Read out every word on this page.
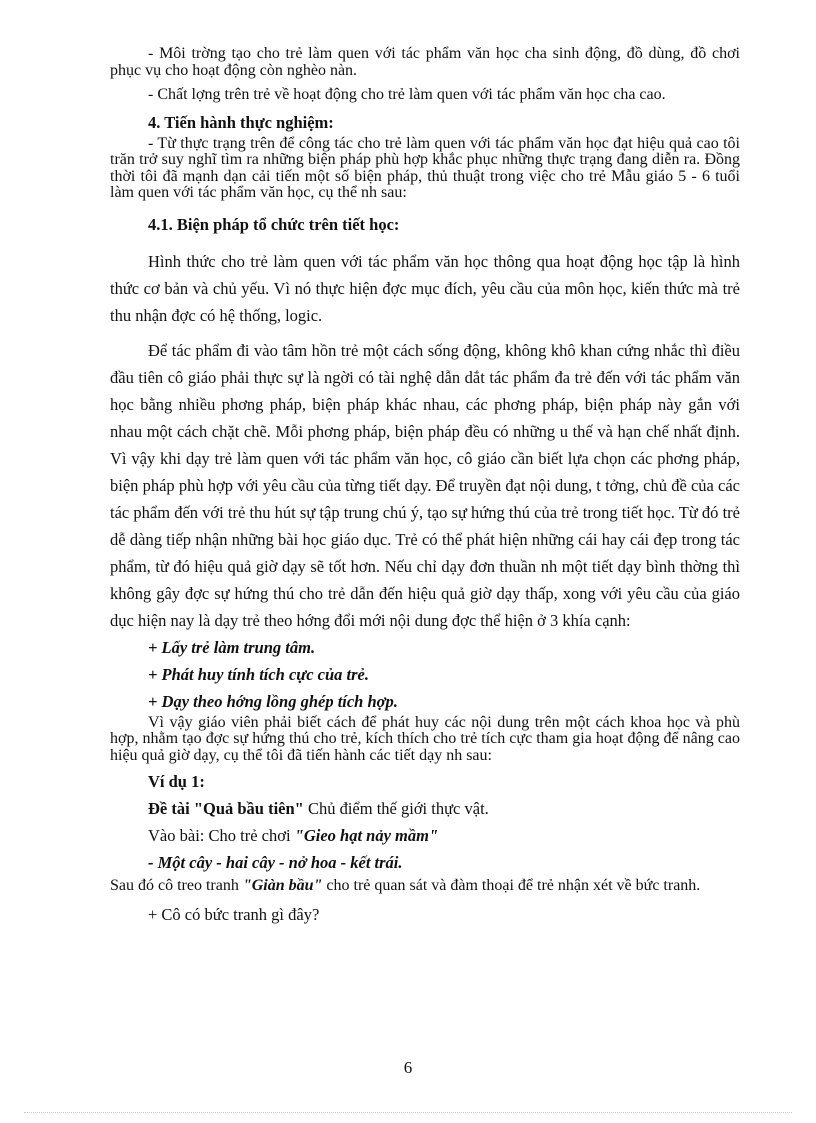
- Môi trờng tạo cho trẻ làm quen với tác phẩm văn học cha sinh động, đồ dùng, đồ chơi phục vụ cho hoạt động còn nghèo nàn.

- Chất lợng trên trẻ về hoạt động cho trẻ làm quen với tác phẩm văn học cha cao.

4. Tiến hành thực nghiệm:

- Từ thực trạng trên để công tác cho trẻ làm quen với tác phẩm văn học đạt hiệu quả cao tôi trăn trở suy nghĩ tìm ra những biện pháp phù hợp khắc phục những thực trạng đang diễn ra. Đồng thời tôi đã mạnh dạn cải tiến một số biện pháp, thủ thuật trong việc cho trẻ Mẫu giáo 5 - 6 tuổi làm quen với tác phẩm văn học, cụ thể nh sau:

4.1. Biện pháp tổ chức trên tiết học:

Hình thức cho trẻ làm quen với tác phẩm văn học thông qua hoạt động học tập là hình thức cơ bản và chủ yếu. Vì nó thực hiện đợc mục đích, yêu cầu của môn học, kiến thức mà trẻ thu nhận đợc có hệ thống, logic.

Để tác phẩm đi vào tâm hồn trẻ một cách sống động, không khô khan cứng nhắc thì điều đầu tiên cô giáo phải thực sự là ngời có tài nghệ dẫn dắt tác phẩm đa trẻ đến với tác phẩm văn học bằng nhiều phơng pháp, biện pháp khác nhau, các phơng pháp, biện pháp này gắn với nhau một cách chặt chẽ. Mỗi phơng pháp, biện pháp đều có những u thế và hạn chế nhất định. Vì vậy khi dạy trẻ làm quen với tác phẩm văn học, cô giáo cần biết lựa chọn các phơng pháp, biện pháp phù hợp với yêu cầu của từng tiết dạy. Để truyền đạt nội dung, t tởng, chủ đề của các tác phẩm đến với trẻ thu hút sự tập trung chú ý, tạo sự hứng thú của trẻ trong tiết học. Từ đó trẻ dễ dàng tiếp nhận những bài học giáo dục. Trẻ có thể phát hiện những cái hay cái đẹp trong tác phẩm, từ đó hiệu quả giờ dạy sẽ tốt hơn. Nếu chỉ dạy đơn thuần nh một tiết dạy bình thờng thì không gây đợc sự hứng thú cho trẻ dẫn đến hiệu quả giờ dạy thấp, xong với yêu cầu của giáo dục hiện nay là dạy trẻ theo hớng đổi mới nội dung đợc thể hiện ở 3 khía cạnh:

+ Lấy trẻ làm trung tâm.

+ Phát huy tính tích cực của trẻ.

+ Dạy theo hớng lồng ghép tích hợp.

Vì vậy giáo viên phải biết cách để phát huy các nội dung trên một cách khoa học và phù hợp, nhằm tạo đợc sự hứng thú cho trẻ, kích thích cho trẻ tích cực tham gia hoạt động để nâng cao hiệu quả giờ dạy, cụ thể tôi đã tiến hành các tiết dạy nh sau:

Ví dụ 1:

Đề tài "Quả bầu tiên" Chủ điểm thế giới thực vật.

Vào bài: Cho trẻ chơi "Gieo hạt nảy mầm"

- Một cây - hai cây - nở hoa - kết trái.

Sau đó cô treo tranh "Giàn bầu" cho trẻ quan sát và đàm thoại để trẻ nhận xét về bức tranh.

+ Cô có bức tranh gì đây?

6
